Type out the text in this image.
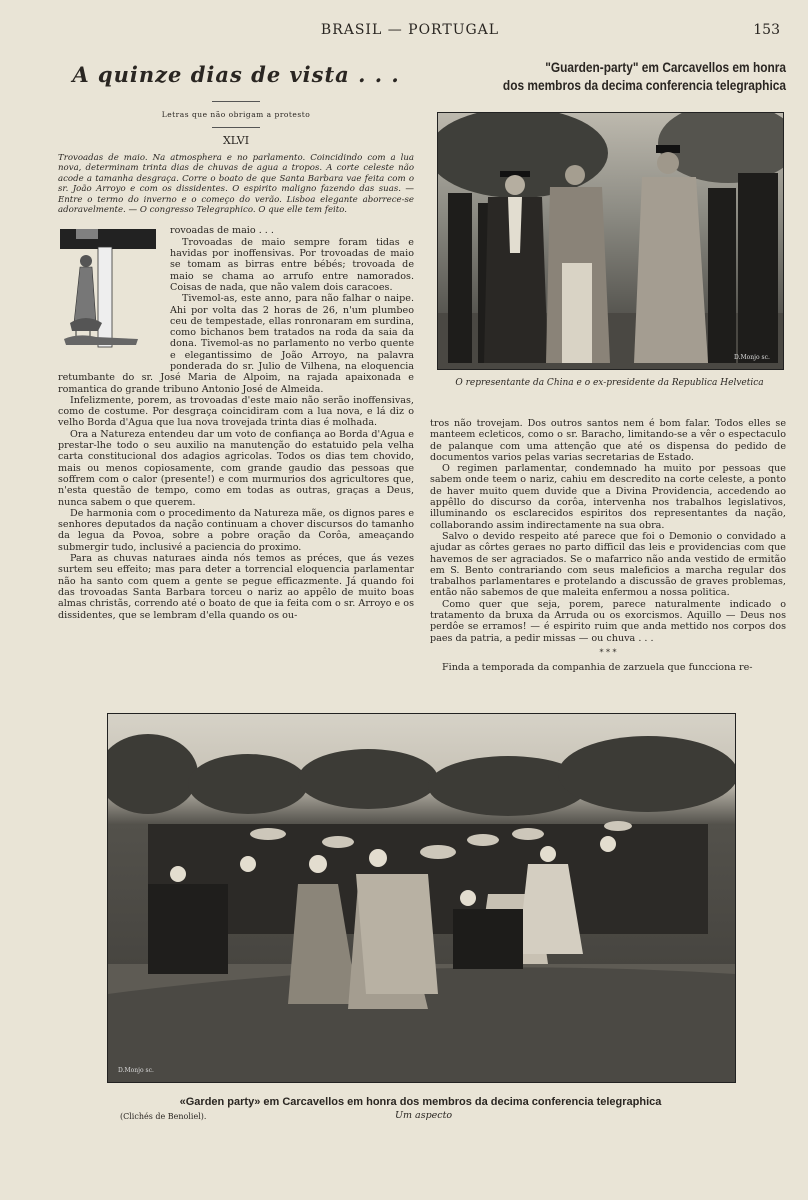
BRASIL — PORTUGAL	153
A quinze dias de vista . . .
Letras que não obrigam a protesto
XLVI
Trovoadas de maio. Na atmosphera e no parlamento. Coincidindo com a lua nova, determinam trinta dias de chuvas de agua a tropos. A corte celeste não acode a tamanha desgraça. Corre o boato de que Santa Barbara vae feita com o sr. João Arroyo e com os dissidentes. O espirito maligno fazendo das suas. — Entre o termo do inverno e o começo do verão. Lisboa elegante aborrece-se adoravelmente. — O congresso Telegraphico. O que elle tem feito.

rovoadas de maio . . .

Trovoadas de maio sempre foram tidas e havidas por inoffensivas. Por trovoadas de maio se tomam as birras entre bébés; trovoada de maio se chama ao arrufo entre namorados. Coisas de nada, que não valem dois caracoes.

Tivemol-as, este anno, para não falhar o naipe. Ahi por volta das 2 horas de 26, n'um plumbeo ceu de tempestade, ellas ronronaram em surdina, como bichanos bem tratados na roda da saia da dona. Tivemol-as no parlamento no verbo quente e elegantissimo de João Arroyo, na palavra ponderada do sr. Julio de Vilhena, na eloquencia retumbante do sr. José Maria de Alpoim, na rajada apaixonada e romantica do grande tribuno Antonio José de Almeida.

Infelizmente, porem, as trovoadas d'este maio não serão inoffensivas, como de costume. Por desgraça coincidiram com a lua nova, e lá diz o velho Borda d'Agua que lua nova trovejada trinta dias é molhada.

Ora a Natureza entendeu dar um voto de confiança ao Borda d'Agua e prestar-lhe todo o seu auxilio na manutenção do estatuido pela velha carta constitucional dos adagios agricolas. Todos os dias tem chovido, mais ou menos copiosamente, com grande gaudio das pessoas que soffrem com o calor (presente!) e com murmurios dos agricultores que, n'esta questão de tempo, como em todas as outras, graças a Deus, nunca sabem o que querem.

De harmonia com o procedimento da Natureza mãe, os dignos pares e senhores deputados da nação continuam a chover discursos do tamanho da legua da Povoa, sobre a pobre oração da Corôa, ameaçando submergir tudo, inclusivé a paciencia do proximo.

Para as chuvas naturaes ainda nós temos as préces, que ás vezes surtem seu effeito; mas para deter a torrencial eloquencia parlamentar não ha santo com quem a gente se pegue efficazmente. Já quando foi das trovoadas Santa Barbara torceu o nariz ao appêlo de muito boas almas christãs, correndo até o boato de que ia feita com o sr. Arroyo e os dissidentes, que se lembram d'ella quando os ou-

"Guarden-party" em Carcavellos em honra
dos membros da decima conferencia telegraphica
D.Monjo sc.
O representante da China e o ex-presidente da Republica Helvetica

tros não trovejam. Dos outros santos nem é bom falar. Todos elles se manteem ecleticos, como o sr. Baracho, limitando-se a vêr o espectaculo de palanque com uma attenção que até os dispensa do pedido de documentos varios pelas varias secretarias de Estado.

O regimen parlamentar, condemnado ha muito por pessoas que sabem onde teem o nariz, cahiu em descredito na corte celeste, a ponto de haver muito quem duvide que a Divina Providencia, accedendo ao appêllo do discurso da corôa, intervenha nos trabalhos legislativos, illuminando os esclarecidos espiritos dos representantes da nação, collaborando assim indirectamente na sua obra.

Salvo o devido respeito até parece que foi o Demonio o convidado a ajudar as côrtes geraes no parto difficil das leis e providencias com que havemos de ser agraciados. Se o mafarrico não anda vestido de ermitão em S. Bento contrariando com seus maleficios a marcha regular dos trabalhos parlamentares e protelando a discussão de graves problemas, então não sabemos de que maleita enfermou a nossa politica.

Como quer que seja, porem, parece naturalmente indicado o tratamento da bruxa da Arruda ou os exorcismos. Aquillo — Deus nos perdôe se erramos! — é espirito ruim que anda mettido nos corpos dos paes da patria, a pedir missas — ou chuva . . .

* * *

Finda a temporada da companhia de zarzuela que funcciona re-

D.Monjo sc.
«Garden party» em Carcavellos em honra dos membros da decima conferencia telegraphica
(Clichés de Benoliel).	Um aspecto
